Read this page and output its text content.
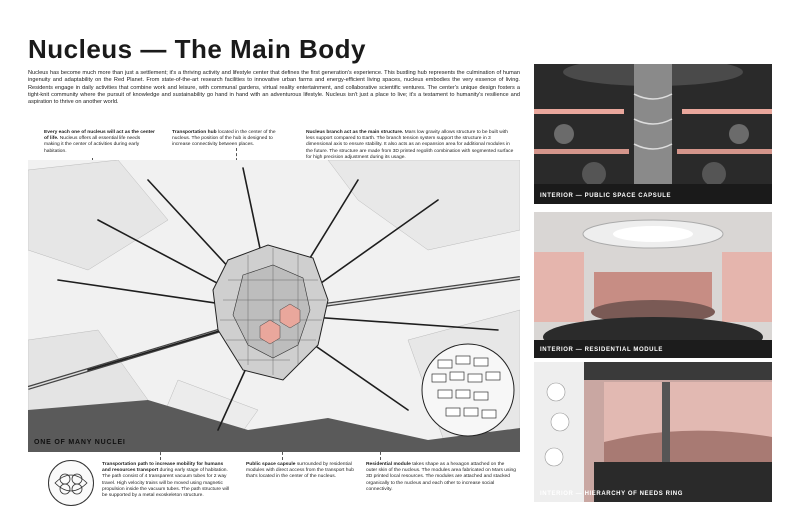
Nucleus — The Main Body
Nucleus has become much more than just a settlement; it's a thriving activity and lifestyle center that defines the first generation's experience. This bustling hub represents the culmination of human ingenuity and adaptability on the Red Planet. From state-of-the-art research facilities to innovative urban farms and energy-efficient living spaces, nucleus embodies the very essence of living. Residents engage in daily activities that combine work and leisure, with communal gardens, virtual reality entertainment, and collaborative scientific ventures. The center's unique design fosters a tight-knit community where the pursuit of knowledge and sustainability go hand in hand with an adventurous lifestyle. Nucleus isn't just a place to live; it's a testament to humanity's resilience and aspiration to thrive on another world.
Every each one of nucleus will act as the center of life. Nucleus offers all essential life needs making it the center of activities during early habitation.
Transportation hub located in the center of the nucleus. The position of the hub is designed to increase connectivity between places.
Nucleus branch act as the main structure. Mars low gravity allows structure to be built with less support compared to Earth. The branch tension system support the structure in 3 dimensional axis to ensure stability. It also acts as an expansion area for additional modules in the future. The structure are made from 3D printed regolith combination with segmented surface for high precision adjustment during its usage.
ONE OF MANY NUCLEI
Transportation path to increase mobility for humans and resources transport during early stage of habitation. The path consist of 4 transparent vacuum tubes for 2 way travel. High velocity trains will be moved using magnetic propulsion inside the vacuum tubes. The path structure will be supported by a metal exoskeleton structure.
Public space capsule surrounded by residential modules with direct access from the transport hub that's located in the center of the nucleus.
Residential module takes shape as a hexagon attached on the outer skin of the nucleus. The modules area fabricated on Mars using 3D printed local resources. The modules are attached and stacked organically to the nucleus and each other to increase social connectivity.
INTERIOR — PUBLIC SPACE CAPSULE
INTERIOR — RESIDENTIAL MODULE
INTERIOR — HIERARCHY OF NEEDS RING
